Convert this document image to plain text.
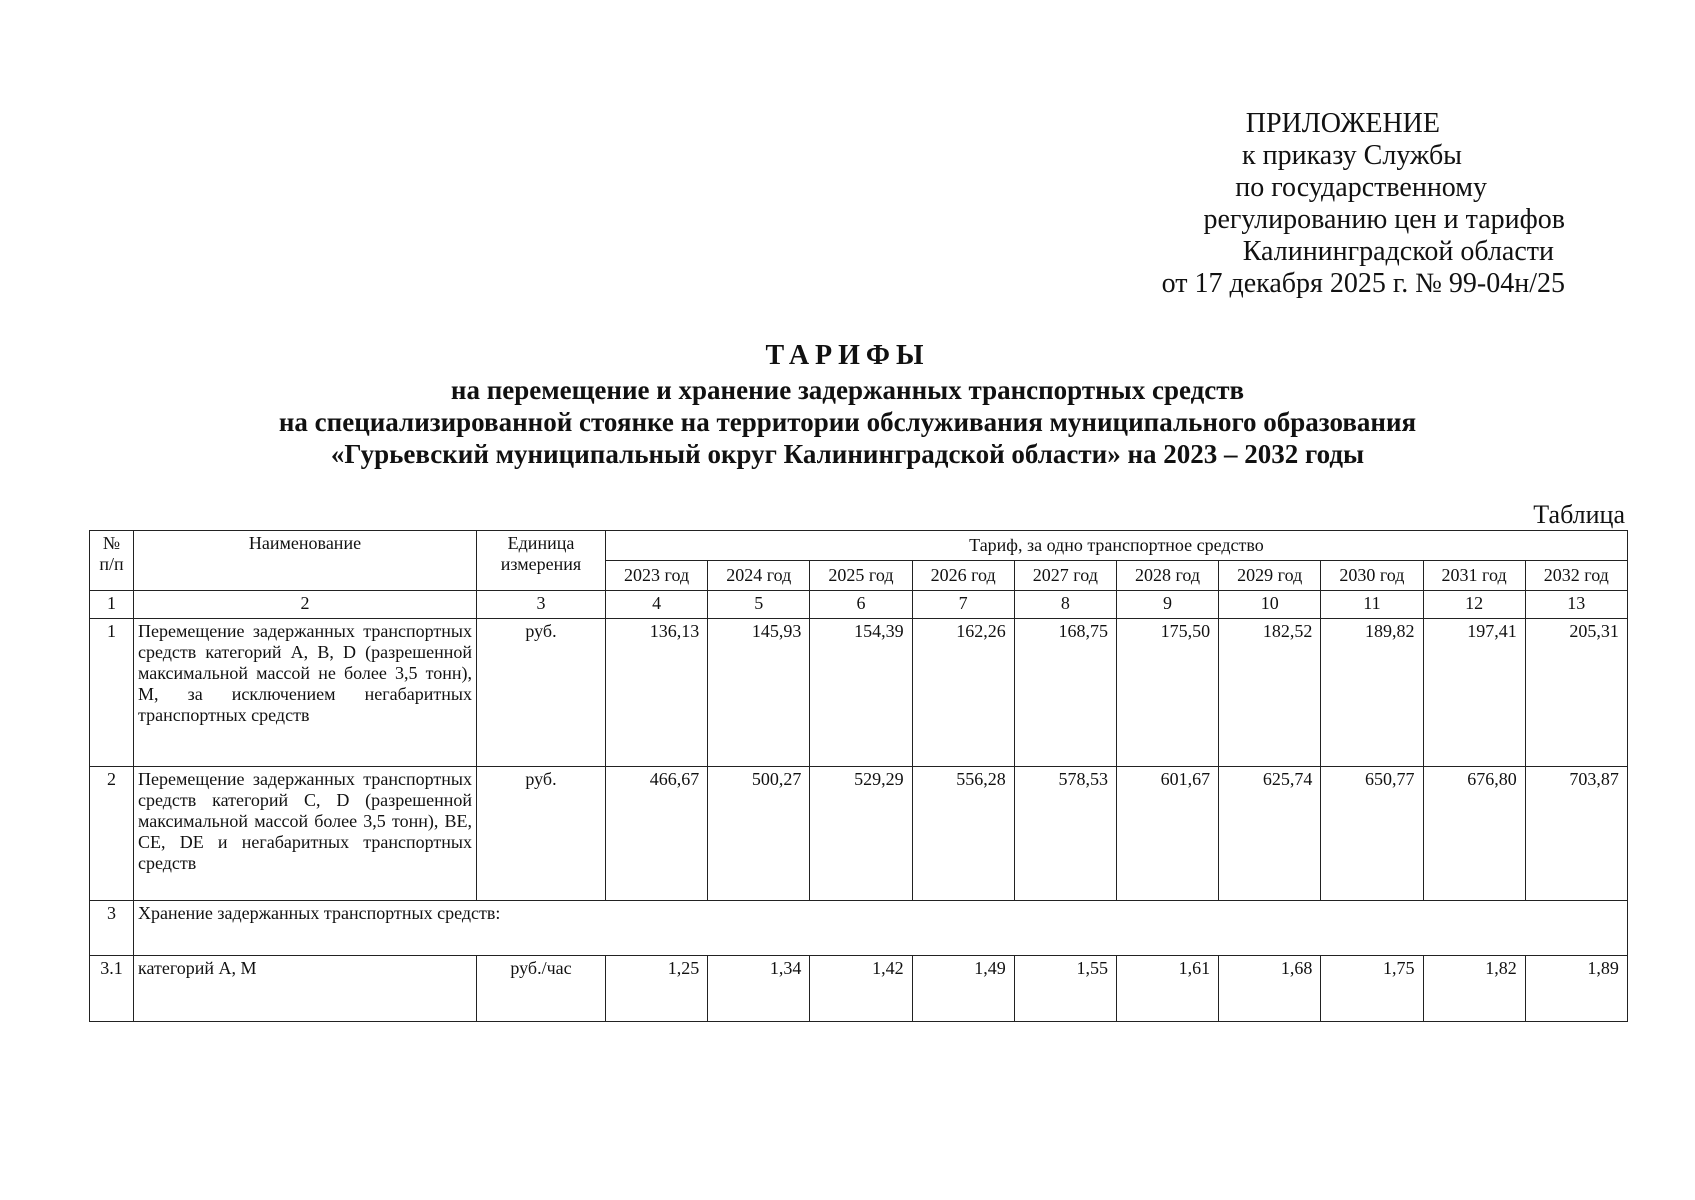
ПРИЛОЖЕНИЕ
к приказу Службы
по государственному
регулированию цен и тарифов
Калининградской области
от 17 декабря 2025 г. № 99-04н/25
ТАРИФЫ
на перемещение и хранение задержанных транспортных средств
на специализированной стоянке на территории обслуживания муниципального образования
«Гурьевский муниципальный округ Калининградской области» на 2023 – 2032 годы
Таблица
№ п/п	Наименование	Единица измерения	Тариф, за одно транспортное средство									
			2023 год	2024 год	2025 год	2026 год	2027 год	2028 год	2029 год	2030 год	2031 год	2032 год
1	2	3	4	5	6	7	8	9	10	11	12	13
1	Перемещение задержанных транспортных средств категорий A, B, D (разрешенной максимальной массой не более 3,5 тонн), M, за исключением негабаритных транспортных средств	руб.	136,13	145,93	154,39	162,26	168,75	175,50	182,52	189,82	197,41	205,31
2	Перемещение задержанных транспортных средств категорий C, D (разрешенной максимальной массой более 3,5 тонн), BE, CE, DE и негабаритных транспортных средств	руб.	466,67	500,27	529,29	556,28	578,53	601,67	625,74	650,77	676,80	703,87
3	Хранение задержанных транспортных средств:											
3.1	категорий A, M	руб./час	1,25	1,34	1,42	1,49	1,55	1,61	1,68	1,75	1,82	1,89
